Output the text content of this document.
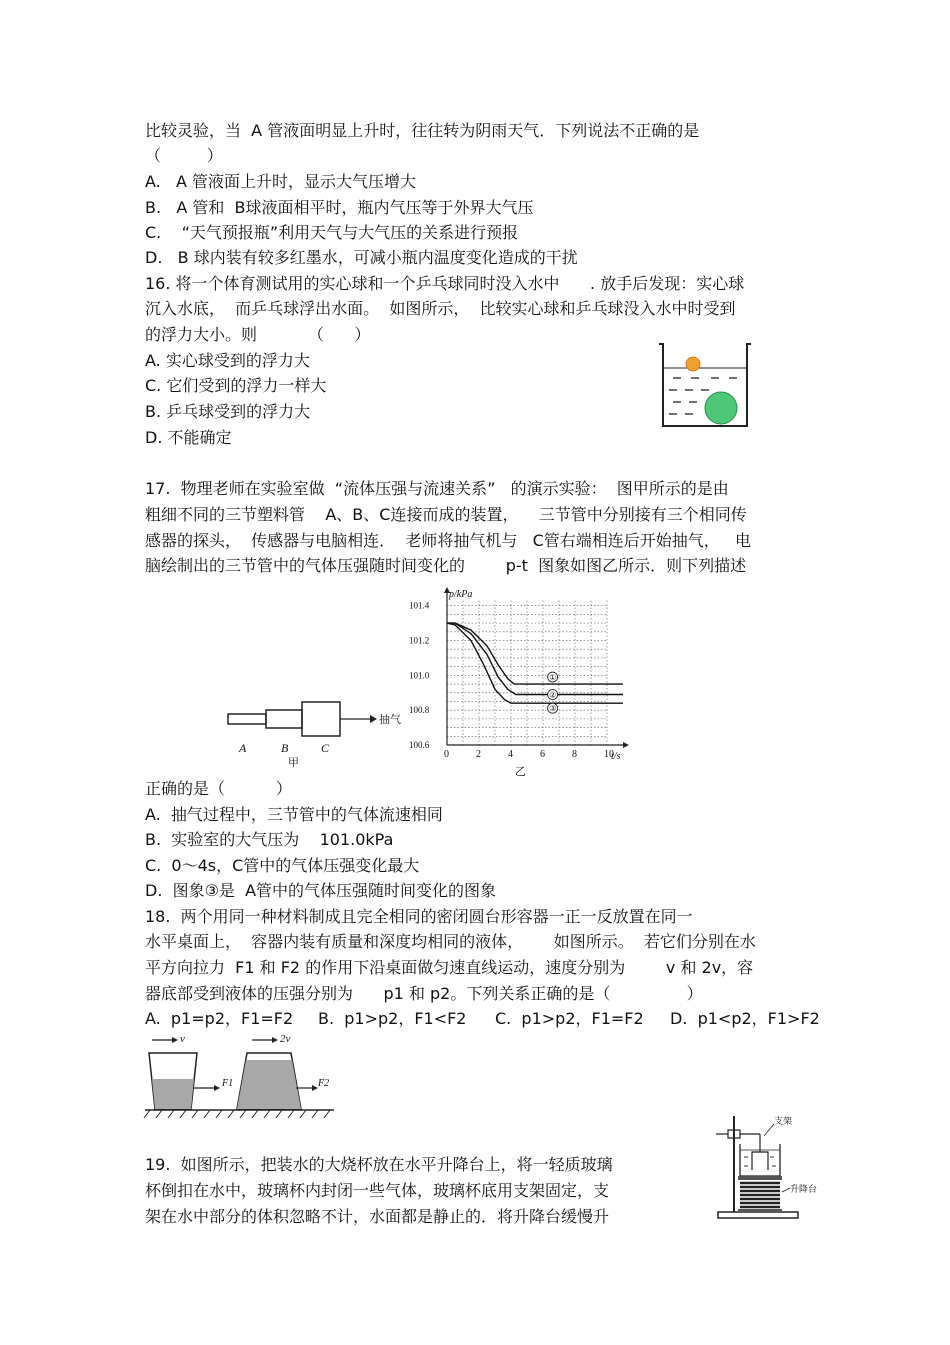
比较灵验，当  A 管液面明显上升时，往往转为阴雨天气．下列说法不正确的是
（         ）
A.   A 管液面上升时，显示大气压增大
B.   A 管和  B球液面相平时，瓶内气压等于外界大气压
C.    “天气预报瓶”利用天气与大气压的关系进行预报
D.   B 球内装有较多红墨水，可减小瓶内温度变化造成的干扰
16. 将一个体育测试用的实心球和一个乒乓球同时没入水中      . 放手后发现：实心球
沉入水底，  而乒乓球浮出水面。  如图所示，  比较实心球和乒乓球没入水中时受到
的浮力大小。则          （      ）
A. 实心球受到的浮力大
C. 它们受到的浮力一样大
B. 乒乓球受到的浮力大
D. 不能确定
17.  物理老师在实验室做  “流体压强与流速关系”   的演示实验：  图甲所示的是由
粗细不同的三节塑料管    A、B、C连接而成的装置，    三节管中分别接有三个相同传
感器的探头，  传感器与电脑相连．  老师将抽气机与   C管右端相连后开始抽气，   电
脑绘制出的三节管中的气体压强随时间变化的        p-t  图象如图乙所示．则下列描述
抽气
A	B	C
甲
0	2	4	6	8	10
101.4
101.2
101.0
100.8
100.6
①
②
③
p/kPa
t/s
乙
正确的是（          ）
A.  抽气过程中，三节管中的气体流速相同
B.  实验室的大气压为    101.0kPa
C.  0～4s，C管中的气体压强变化最大
D.  图象③是  A管中的气体压强随时间变化的图象
18.  两个用同一种材料制成且完全相同的密闭圆台形容器一正一反放置在同一
水平桌面上，  容器内装有质量和深度均相同的液体，      如图所示。  若它们分别在水
平方向拉力  F1 和 F2 的作用下沿桌面做匀速直线运动，速度分别为        v 和 2v，容
器底部受到液体的压强分别为      p1 和 p2。下列关系正确的是（               ）
A.  p1=p2，F1=F2 B.  p1>p2，F1<F2 C.  p1>p2，F1=F2 D.  p1<p2，F1>F2
v	2v
F1	F2
19.  如图所示，把装水的大烧杯放在水平升降台上，将一轻质玻璃
杯倒扣在水中，玻璃杯内封闭一些气体，玻璃杯底用支架固定，支
架在水中部分的体积忽略不计，水面都是静止的．将升降台缓慢升
支架
升降台
